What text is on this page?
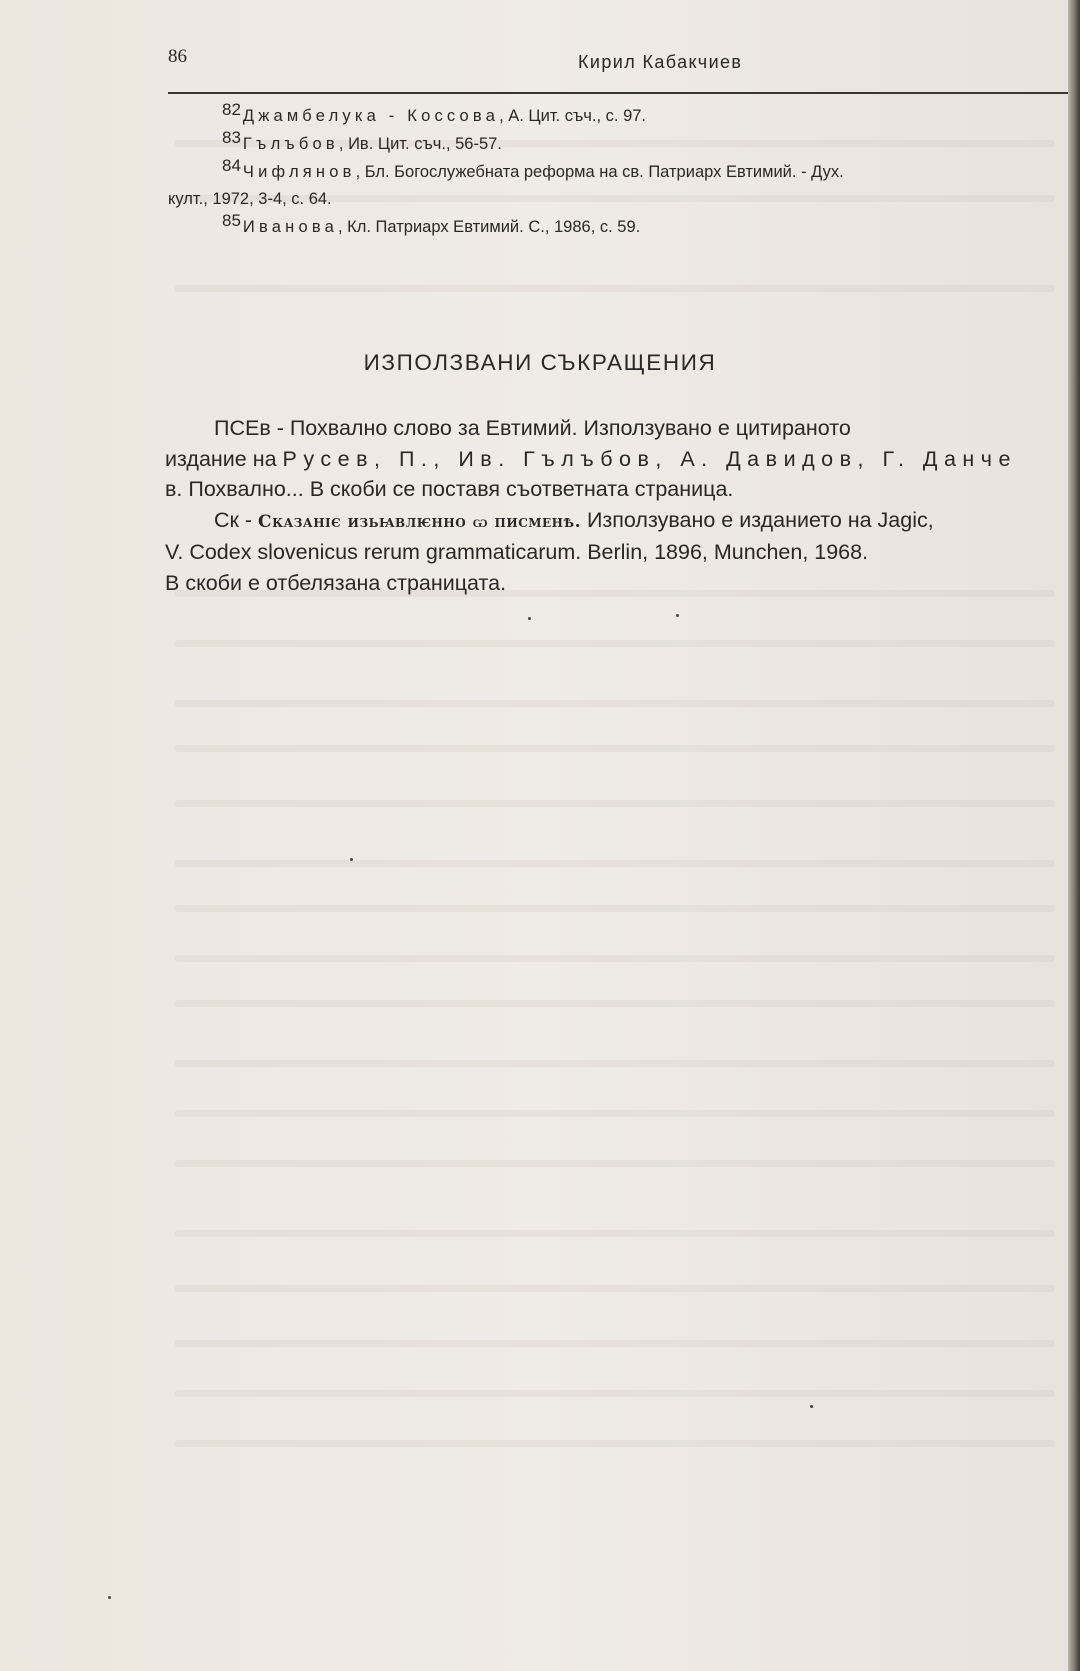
86	Кирил Кабакчиев

82 Джамбелука - Коссова, А. Цит. съч., с. 97.

83 Гълъбов, Ив. Цит. съч., 56-57.

84 Чифлянов, Бл. Богослужебната реформа на св. Патриарх Евтимий. - Дух.

култ., 1972, 3-4, с. 64.

85 Иванова, Кл. Патриарх Евтимий. С., 1986, с. 59.

ИЗПОЛЗВАНИ СЪКРАЩЕНИЯ

ПСЕв - Похвално слово за Евтимий. Използувано е цитираното

издание на Русев, П., Ив. Гълъбов, А. Давидов, Г. Данче

в. Похвално... В скоби се поставя съответната страница.

Ск - Сказаніє изьꙗвлѥнно ѡ писменѣ. Използувано е изданието на Jagic,

V. Codex slovenicus rerum grammaticarum. Berlin, 1896, Munchen, 1968.

В скоби е отбелязана страницата.
